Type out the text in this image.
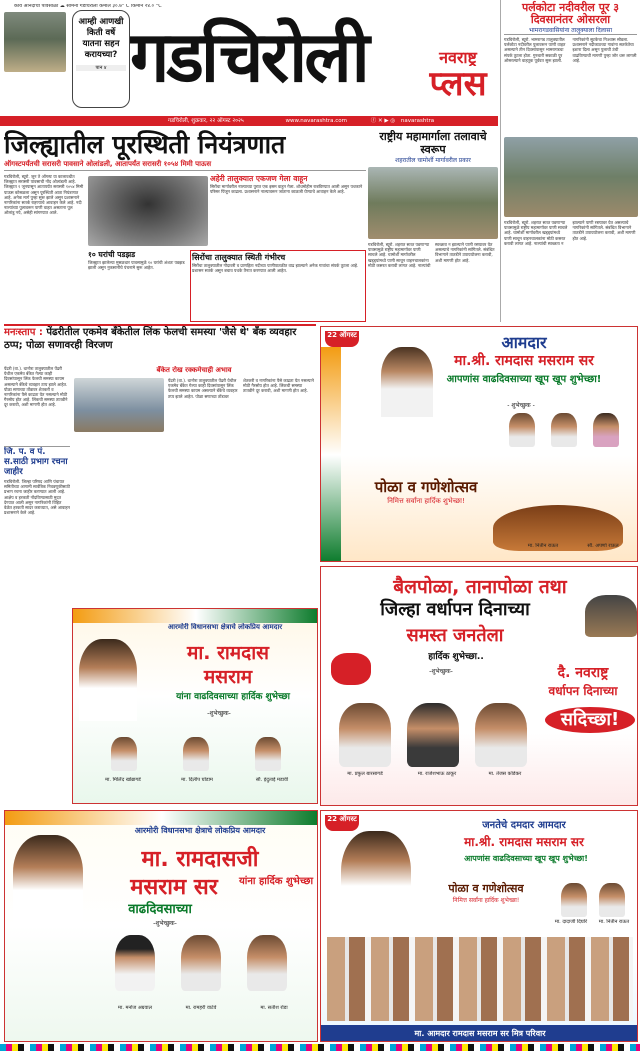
काय आनंदाचा पावसाळा ☁ सामना गडचिरोली कमाल ३०.७° C किमान २४.० °C
आम्ही आणखी किती वर्षे यातना सहन करायच्या?
पान ४ गडचिरोली	नवराष्ट्र
प्लस
गडचिरोली, शुक्रवार, २२ ऑगस्ट २०२५	www.navarashtra.com	ⓕ ✕ ▶ ◎ navarashtra
पर्लकोटा नदीवरील पूर ३ दिवसानंतर ओसरला
भामरागडवासियांना तालुक्याला दिलासा
गडचिरोली, ब्यूरो. भामरागड तालुक्यातील पर्लकोटा नदीवरील पुलावरून पाणी वाहत असल्याने तीन दिवसांपासून भामरागडचा संपर्क तुटला होता. गुरुवारी सकाळी पूर ओसरल्याने वाहतूक पूर्ववत सुरू झाली. नागरिकांनी सुटकेचा निःश्वास सोडला. प्रशासनाने नदीकाठच्या गावांना सतर्कतेचा इशारा दिला असून पुलाची उंची वाढविण्याची मागणी पुन्हा जोर धरू लागली आहे.
गडचिरोली, ब्यूरो. शहरात सतत पडणाऱ्या पावसामुळे राष्ट्रीय महामार्गावर पाणी साचले आहे. चामोर्शी मार्गावरील खड्ड्यांमध्ये पाणी साचून वाहनचालकांना मोठी कसरत करावी लागत आहे. नाल्यांची स्वच्छता न झाल्याने पाणी रस्त्यावर येत असल्याचे नागरिकांनी सांगितले. संबंधित विभागाने तातडीने उपाययोजना करावी, अशी मागणी होत आहे.
जिल्ह्यातील पूरस्थिती नियंत्रणात
ऑगस्टपर्यंतची सरासरी पावसाने ओलांडली, आतापर्यंत सरासरी १०५४ मिमी पाऊस
गडचिरोली, ब्यूरो. जून ते ऑगस्ट या कालावधीत जिल्ह्यात सरासरी पावसाची नोंद ओलांडली आहे. जिल्ह्यात १ जूनपासून आतापर्यंत सरासरी १०५४ मिमी पाऊस कोसळला असून पूरस्थिती आता नियंत्रणात आहे. अनेक मार्ग पुन्हा सुरू झाले असून प्रशासनाने नागरिकांना सतर्क राहण्याचे आवाहन केले आहे. नदी नाल्यांच्या पुलावरून पाणी वाहत असताना पूल ओलांडू नये, असेही सांगण्यात आले.
अहेरी तालुक्यात एकजण गेला वाहून
सिरोंचा मार्गावरील नाल्याच्या पुरात एक इसम वाहून गेला. शोधमोहीम राबविण्यात आली असून पथकाने परिसर पिंजून काढला. प्रशासनाने नाल्यावरून जाताना काळजी घेण्याचे आवाहन केले आहे.
१० घरांची पडझड
जिल्ह्यात झालेल्या मुसळधार पावसामुळे १० घरांची अंशतः पडझड झाली असून नुकसानीचे पंचनामे सुरू आहेत.
सिरोंचा तालुक्यात स्थिती गंभीरच
सिरोंचा तालुक्यातील गोदावरी व प्राणहिता नदीच्या पाणीपातळीत वाढ झाल्याने अनेक गावांचा संपर्क तुटला आहे. प्रशासन सतर्क असून बचाव पथके तैनात करण्यात आली आहेत.
राष्ट्रीय महामार्गाला तलावाचे स्वरूप
शहरातील चामोर्शी मार्गावरील प्रकार
गडचिरोली, ब्यूरो. शहरात सतत पडणाऱ्या पावसामुळे राष्ट्रीय महामार्गावर पाणी साचले आहे. चामोर्शी मार्गावरील खड्ड्यांमध्ये पाणी साचून वाहनचालकांना मोठी कसरत करावी लागत आहे. नाल्यांची स्वच्छता न झाल्याने पाणी रस्त्यावर येत असल्याचे नागरिकांनी सांगितले. संबंधित विभागाने तातडीने उपाययोजना करावी, अशी मागणी होत आहे.
मनःस्ताप : पेंढरीतील एकमेव बँकेतील लिंक फेलची समस्या 'जैसे थे' बँक व्यवहार ठप्प; पोळा सणावरही विरजण
पेंढरी (वा.). धानोरा तालुक्यातील पेंढरी येथील एकमेव बँकेत गेल्या काही दिवसांपासून लिंक फेलची समस्या कायम असल्याने बँकेचे व्यवहार ठप्प झाले आहेत. पोळा सणाच्या तोंडावर शेतकरी व नागरिकांना पैसे काढता येत नसल्याने मोठी गैरसोय होत आहे. लिंकची समस्या तातडीने दूर करावी, अशी मागणी होत आहे.
बँकेत रोख रक्कमेचाही अभाव
पेंढरी (वा.). धानोरा तालुक्यातील पेंढरी येथील एकमेव बँकेत गेल्या काही दिवसांपासून लिंक फेलची समस्या कायम असल्याने बँकेचे व्यवहार ठप्प झाले आहेत. पोळा सणाच्या तोंडावर शेतकरी व नागरिकांना पैसे काढता येत नसल्याने मोठी गैरसोय होत आहे. लिंकची समस्या तातडीने दूर करावी, अशी मागणी होत आहे.
जि. प. व पं. स.साठी प्रभाग रचना जाहीर
गडचिरोली. जिल्हा परिषद आणि पंचायत समितीच्या आगामी सार्वत्रिक निवडणुकीसाठी प्रभाग रचना जाहीर करण्यात आली आहे. आक्षेप व हरकती नोंदविण्यासाठी मुदत देण्यात आली असून नागरिकांनी विहित वेळेत हरकती सादर कराव्यात, असे आवाहन प्रशासनाने केले आहे.
22 ऑगस्ट	आमदार
मा.श्री. रामदास मसराम सर
आपणांस वाढदिवसाच्या खूप खूप शुभेच्छा!
- शुभेच्छुक -
पोळा व गणेशोत्सव
निमित्त सर्वांना हार्दिक शुभेच्छा!
मा. नितीन राऊत	सौ. अपर्णा राऊत
आरमोरी विधानसभा क्षेत्राचे लोकप्रिय आमदार
मा. रामदास
मसराम
यांना वाढदिवसाच्या हार्दिक शुभेच्छा
-शुभेच्छुक-
मा. मिलिंद खोब्रागडे	मा. दिलीप घोडाम	सौ. इंदुताई मडावी
बैलपोळा, तानापोळा तथा
जिल्हा वर्धापन दिनाच्या
समस्त जनतेला
हार्दिक शुभेच्छा..
दै. नवराष्ट्र
वर्धापन दिनाच्या
सदिच्छा!
-शुभेच्छुक-
मा. प्रफुल बारसागडे	मा. राजेशभाऊ ठाकूर	मा. तेजस कोडेकर
आरमोरी विधानसभा क्षेत्राचे लोकप्रिय आमदार
मा. रामदासजी
मसराम सर
वाढदिवसाच्या
यांना हार्दिक शुभेच्छा
-शुभेच्छुक-
मा. मनोज अग्रवाल	मा. रामहरी वाटेवे	मा. सतीश रोडा
22 ऑगस्ट
जनतेचे दमदार आमदार
मा.श्री. रामदास मसराम सर
आपणांस वाढदिवसाच्या खूप खूप शुभेच्छा!
पोळा व गणेशोत्सव
निमित्त सर्वांना हार्दिक शुभेच्छा!
मा. दादाजी दिघोरे	मा. नितीन राऊत
मा. आमदार रामदास मसराम सर मित्र परिवार
